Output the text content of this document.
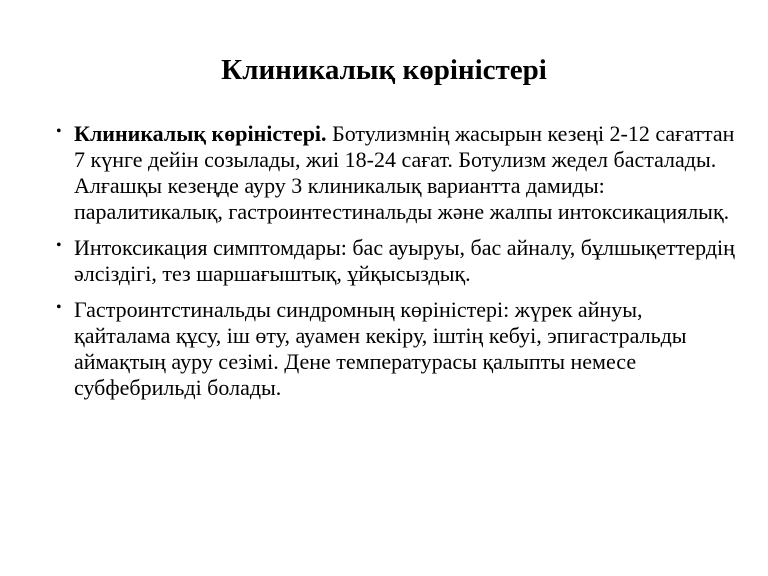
Клиникалық көріністері
• Клиникалық көріністері. Ботулизмнің жасырын кезеңі 2-12 сағаттан 7 күнге дейін созылады, жиі 18-24 сағат. Ботулизм жедел басталады. Алғашқы кезеңде ауру 3 клиникалық вариантта дамиды: паралитикалық, гастроинтестинальды және жалпы интоксикациялық.
• Интоксикация симптомдары: бас ауыруы, бас айналу, бұлшықеттердің әлсіздігі, тез шаршағыштық, ұйқысыздық.
• Гастроинтстинальды синдромның көріністері: жүрек айнуы, қайталама құсу, іш өту, ауамен кекіру, іштің кебуі, эпигастральды аймақтың ауру сезімі. Дене температурасы қалыпты немесе субфебрильді болады.
